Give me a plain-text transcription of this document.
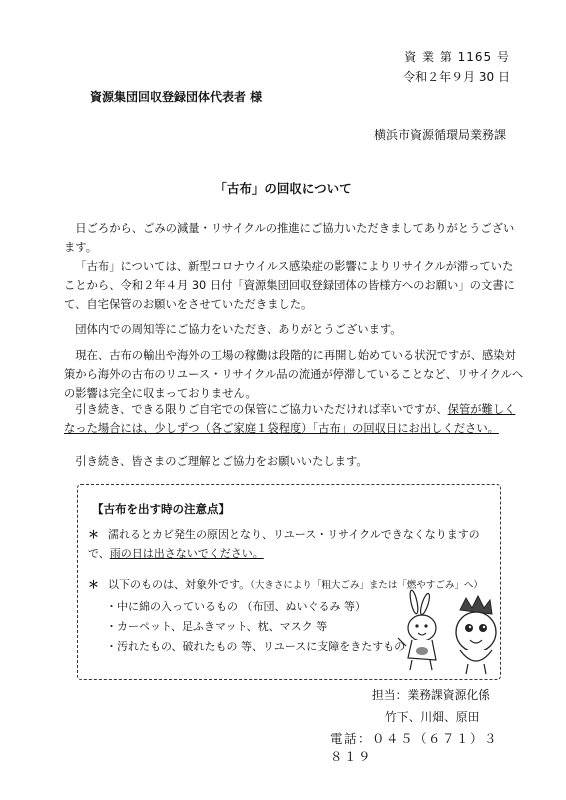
資 業 第 1165 号
令和２年９月 30 日
資源集団回収登録団体代表者 様
横浜市資源循環局業務課
「古布」の回収について

日ごろから、ごみの減量・リサイクルの推進にご協力いただきましてありがとうございます。

「古布」については、新型コロナウイルス感染症の影響によりリサイクルが滞っていたことから、令和２年４月 30 日付「資源集団回収登録団体の皆様方へのお願い」の文書にて、自宅保管のお願いをさせていただきました。

団体内での周知等にご協力をいただき、ありがとうございます。

現在、古布の輸出や海外の工場の稼働は段階的に再開し始めている状況ですが、感染対策から海外の古布のリユース・リサイクル品の流通が停滞していることなど、リサイクルへの影響は完全に収まっておりません。

引き続き、できる限りご自宅での保管にご協力いただければ幸いですが、保管が難しくなった場合には、少しずつ（各ご家庭１袋程度）「古布」の回収日にお出しください。

引き続き、皆さまのご理解とご協力をお願いいたします。

【古布を出す時の注意点】
＊ 濡れるとカビ発生の原因となり、リユース・リサイクルできなくなりますので、雨の日は出さないでください。
＊ 以下のものは、対象外です。（大きさにより「粗大ごみ」または「燃やすごみ」へ）
・中に綿の入っているもの （布団、ぬいぐるみ 等）
・カーペット、足ふきマット、枕、マスク 等
・汚れたもの、破れたもの 等、リユースに支障をきたすもの
担当：業務課資源化係
竹下、川畑、原田
電話：０４５（６７１）３８１９
